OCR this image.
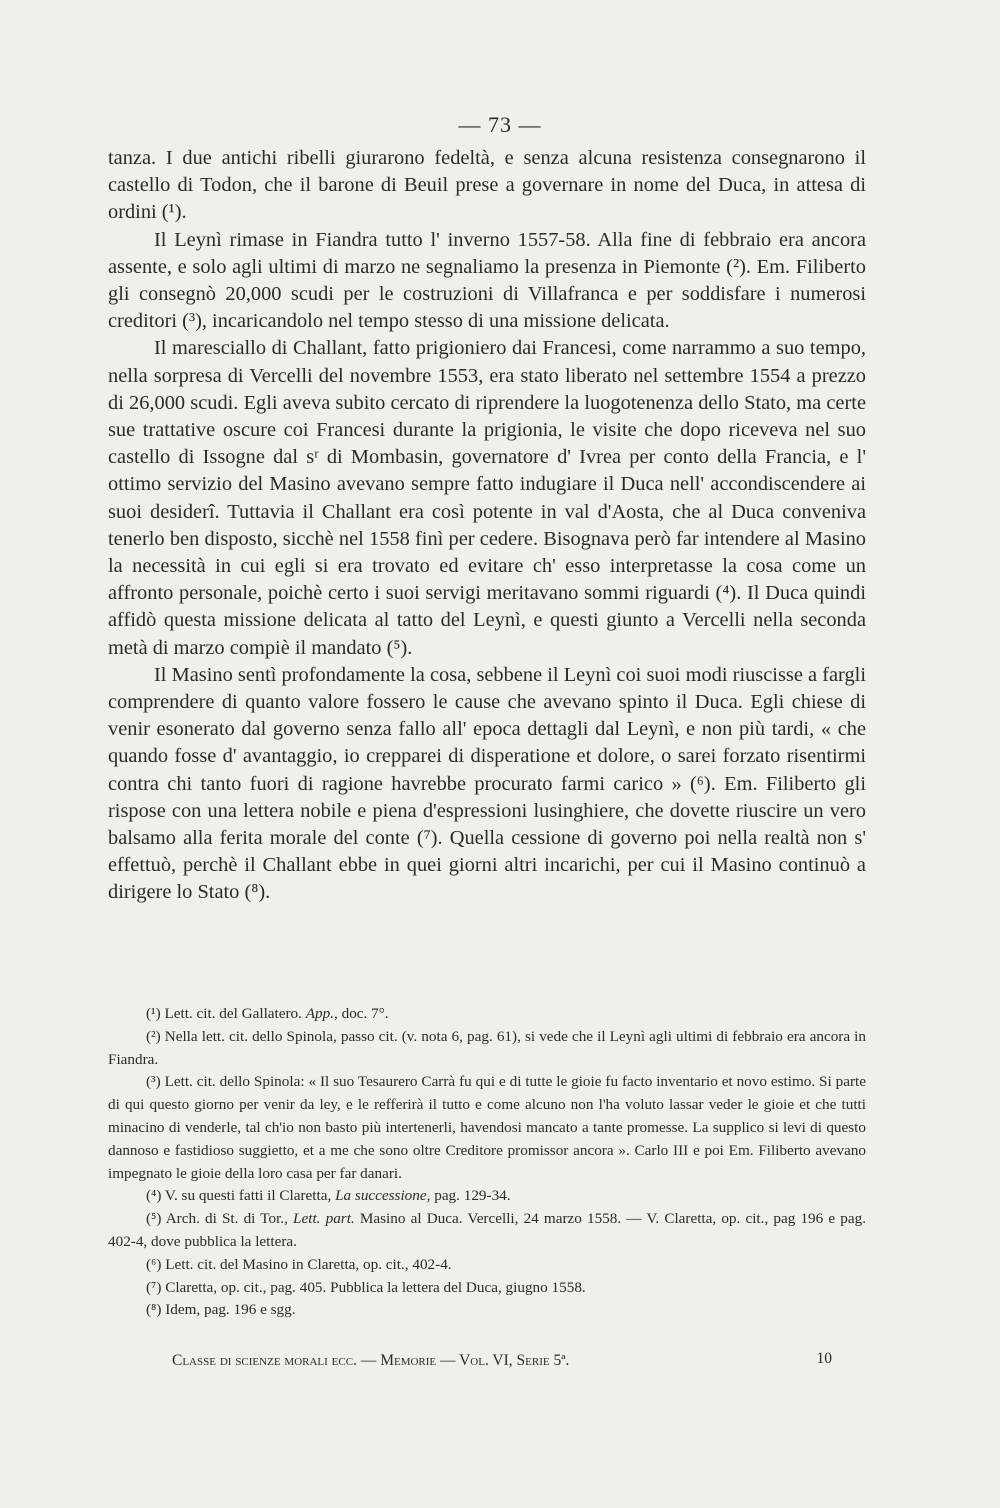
— 73 —

tanza. I due antichi ribelli giurarono fedeltà, e senza alcuna resistenza consegnarono il castello di Todon, che il barone di Beuil prese a governare in nome del Duca, in attesa di ordini (¹).

Il Leynì rimase in Fiandra tutto l' inverno 1557-58. Alla fine di febbraio era ancora assente, e solo agli ultimi di marzo ne segnaliamo la presenza in Piemonte (²). Em. Filiberto gli consegnò 20,000 scudi per le costruzioni di Villafranca e per soddisfare i numerosi creditori (³), incaricandolo nel tempo stesso di una missione delicata.

Il maresciallo di Challant, fatto prigioniero dai Francesi, come narrammo a suo tempo, nella sorpresa di Vercelli del novembre 1553, era stato liberato nel settembre 1554 a prezzo di 26,000 scudi. Egli aveva subito cercato di riprendere la luogotenenza dello Stato, ma certe sue trattative oscure coi Francesi durante la prigionia, le visite che dopo riceveva nel suo castello di Issogne dal sʳ di Mombasin, governatore d' Ivrea per conto della Francia, e l' ottimo servizio del Masino avevano sempre fatto indugiare il Duca nell' accondiscendere ai suoi desiderî. Tuttavia il Challant era così potente in val d'Aosta, che al Duca conveniva tenerlo ben disposto, sicchè nel 1558 finì per cedere. Bisognava però far intendere al Masino la necessità in cui egli si era trovato ed evitare ch' esso interpretasse la cosa come un affronto personale, poichè certo i suoi servigi meritavano sommi riguardi (⁴). Il Duca quindi affidò questa missione delicata al tatto del Leynì, e questi giunto a Vercelli nella seconda metà di marzo compiè il mandato (⁵).

Il Masino sentì profondamente la cosa, sebbene il Leynì coi suoi modi riuscisse a fargli comprendere di quanto valore fossero le cause che avevano spinto il Duca. Egli chiese di venir esonerato dal governo senza fallo all' epoca dettagli dal Leynì, e non più tardi, « che quando fosse d' avantaggio, io crepparei di disperatione et dolore, o sarei forzato risentirmi contra chi tanto fuori di ragione havrebbe procurato farmi carico » (⁶). Em. Filiberto gli rispose con una lettera nobile e piena d'espressioni lusinghiere, che dovette riuscire un vero balsamo alla ferita morale del conte (⁷). Quella cessione di governo poi nella realtà non s' effettuò, perchè il Challant ebbe in quei giorni altri incarichi, per cui il Masino continuò a dirigere lo Stato (⁸).

(¹) Lett. cit. del Gallatero. App., doc. 7°.

(²) Nella lett. cit. dello Spinola, passo cit. (v. nota 6, pag. 61), si vede che il Leynì agli ultimi di febbraio era ancora in Fiandra.

(³) Lett. cit. dello Spinola: « Il suo Tesaurero Carrà fu qui e di tutte le gioie fu facto inventario et novo estimo. Si parte di qui questo giorno per venir da ley, e le refferirà il tutto e come alcuno non l'ha voluto lassar veder le gioie et che tutti minacino di venderle, tal ch'io non basto più intertenerli, havendosi mancato a tante promesse. La supplico si levi di questo dannoso e fastidioso suggietto, et a me che sono oltre Creditore promissor ancora ». Carlo III e poi Em. Filiberto avevano impegnato le gioie della loro casa per far danari.

(⁴) V. su questi fatti il Claretta, La successione, pag. 129-34.

(⁵) Arch. di St. di Tor., Lett. part. Masino al Duca. Vercelli, 24 marzo 1558. — V. Claretta, op. cit., pag 196 e pag. 402-4, dove pubblica la lettera.

(⁶) Lett. cit. del Masino in Claretta, op. cit., 402-4.

(⁷) Claretta, op. cit., pag. 405. Pubblica la lettera del Duca, giugno 1558.

(⁸) Idem, pag. 196 e sgg.

Classe di scienze morali ecc. — Memorie — Vol. VI, Serie 5ª.	10
